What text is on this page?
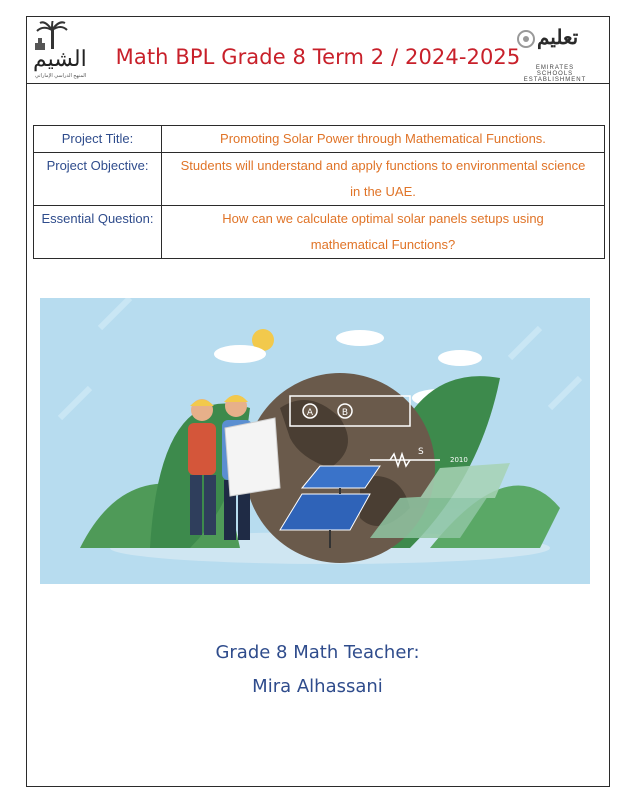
الشيم
المنهج الدراسي الإماراتي
Math BPL Grade 8 Term 2 / 2024-2025
تعليم
EMIRATES SCHOOLS ESTABLISHMENT
Project Title:	Promoting Solar Power through Mathematical Functions.
Project Objective:	Students will understand and apply functions to environmental science in the UAE.
Essential Question:	How can we calculate optimal solar panels setups using mathematical Functions?
A	B
S
2010
Grade 8 Math Teacher:
Mira Alhassani
